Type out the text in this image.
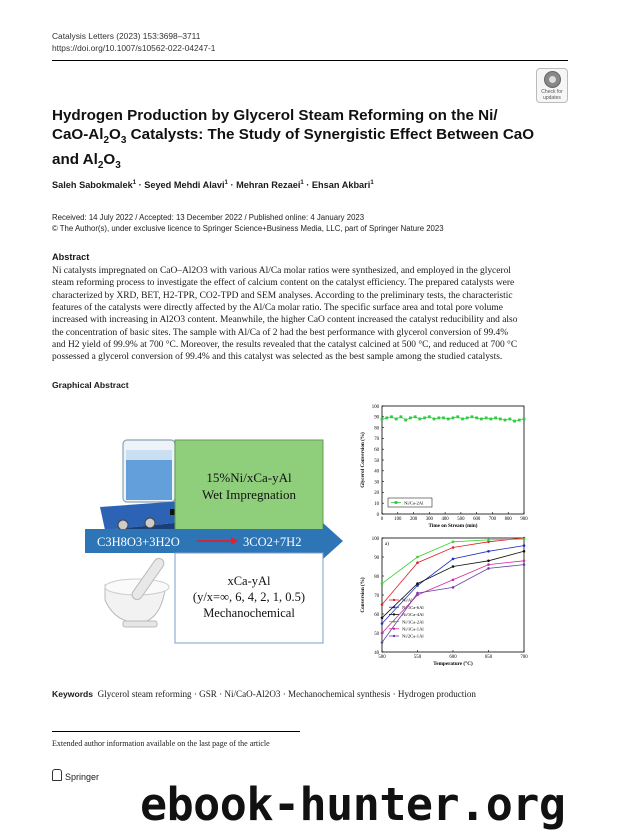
Catalysis Letters (2023) 153:3698–3711
https://doi.org/10.1007/s10562-022-04247-1
Check for updates
Hydrogen Production by Glycerol Steam Reforming on the Ni/
CaO-$Al_2O_3$ Catalysts: The Study of Synergistic Effect Between CaO
and $Al_2O_3$
Saleh Sabokmalek$^1$ · Seyed Mehdi Alavi$^1$ · Mehran Rezaei$^1$ · Ehsan Akbari$^1$
Received: 14 July 2022 / Accepted: 13 December 2022 / Published online: 4 January 2023
© The Author(s), under exclusive licence to Springer Science+Business Media, LLC, part of Springer Nature 2023
Abstract
Ni catalysts impregnated on CaO–Al2O3 with various Al/Ca molar ratios were synthesized, and employed in the glycerol
steam reforming process to investigate the effect of calcium content on the catalyst efficiency. The prepared catalysts were
characterized by XRD, BET, H2-TPR, CO2-TPD and SEM analyses. According to the preliminary tests, the characteristic
features of the catalysts were directly affected by the Al/Ca molar ratio. The specific surface area and total pore volume
increased with increasing in Al2O3 content. Meanwhile, the higher CaO content increased the catalyst reducibility and also
the concentration of basic sites. The sample with Al/Ca of 2 had the best performance with glycerol conversion of 99.4%
and H2 yield of 99.9% at 700 °C. Moreover, the results revealed that the catalyst calcined at 500 °C, and reduced at 700 °C
possessed a glycerol conversion of 99.4% and this catalyst was selected as the best sample among the studied catalysts.
Graphical Abstract
15%Ni/xCa-yAl
Wet Impregnation
C3H8O3+3H2O	3CO2+7H2
xCa-yAl
(y/x=∞, 6, 4, 2, 1, 0.5)
Mechanochemical
0
10
20
30
40
50
60
70
80
90
100
0 100 200 300 400 500 600 700 800 900
Time on Stream (min)
Glycerol Conversion (%)
Ni/Ca-2Al
a)
40
50
60
70
80
90
100
500	550	600	650	700
Temperature (°C)
Conversion (%)	Ni/Al
Ni/1Ca-6Al
Ni/1Ca-4Al
Ni/1Ca-2Al
Ni/1Ca-1Al
Ni/2Ca-1Al
Keywords Glycerol steam reforming · GSR · Ni/CaO-Al2O3 · Mechanochemical synthesis · Hydrogen production
Extended author information available on the last page of the article
Springer
ebook-hunter.org
